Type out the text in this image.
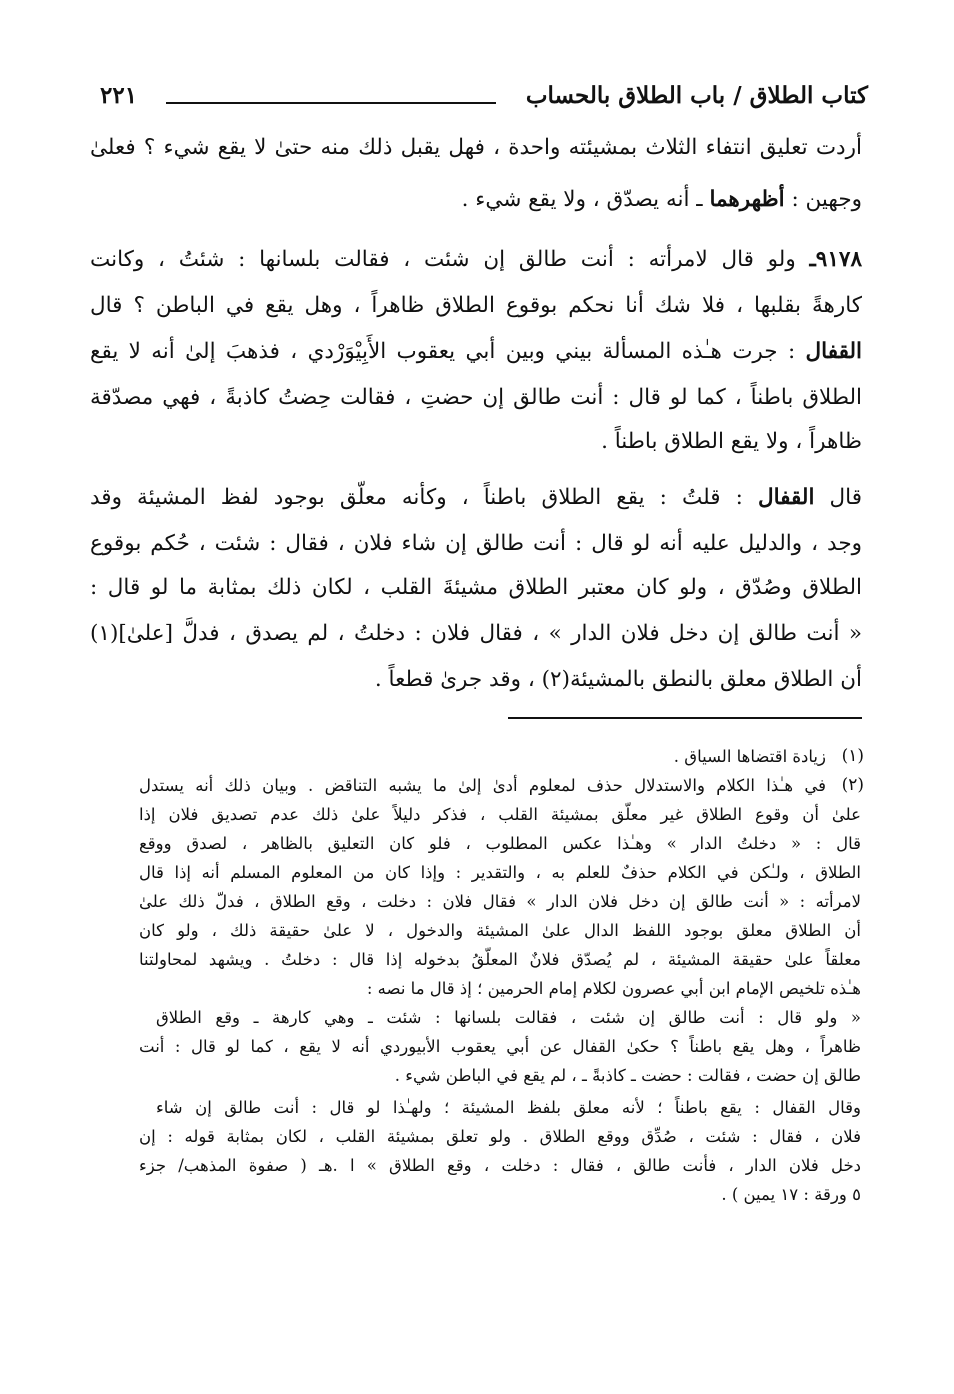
كتاب الطلاق / باب الطلاق بالحساب
٢٢١
أردت تعليق انتفاء الثلاث بمشيئته واحدة ، فهل يقبل ذلك منه حتىٰ لا يقع شيء ؟ فعلىٰ
وجهين : أظهرهما ـ أنه يصدّق ، ولا يقع شيء .
٩١٧٨ـ ولو قال لامرأته : أنت طالق إن شئت ، فقالت بلسانها : شئتُ ، وكانت
كارهةً بقلبها ، فلا شك أنا نحكم بوقوع الطلاق ظاهراً ، وهل يقع في الباطن ؟ قال
القفال : جرت هـٰذه المسألة بيني وبين أبي يعقوب الأَبِيْوَرْدي ، فذهبَ إلىٰ أنه لا يقع
الطلاق باطناً ، كما لو قال : أنت طالق إن حضتِ ، فقالت حِضتُ كاذبةً ، فهي مصدّقة
ظاهراً ، ولا يقع الطلاق باطناً .
قال القفال : قلتُ : يقع الطلاق باطناً ، وكأنه معلّق بوجود لفظ المشيئة وقد
وجد ، والدليل عليه أنه لو قال : أنت طالق إن شاء فلان ، فقال : شئت ، حُكم بوقوع
الطلاق وصُدّق ، ولو كان معتبر الطلاق مشيئةَ القلب ، لكان ذلك بمثابة ما لو قال :
« أنت طالق إن دخل فلان الدار » ، فقال فلان : دخلتُ ، لم يصدق ، فدلَّ [علىٰ](١)
أن الطلاق معلق بالنطق بالمشيئة(٢) ، وقد جرىٰ قطعاً .
(١)
(٢)
زيادة اقتضاها السياق .
في هـٰذا الكلام والاستدلال حذف لمعلوم أدىٰ إلىٰ ما يشبه التناقض . وبيان ذلك أنه يستدل
علىٰ أن وقوع الطلاق غير معلّق بمشيئة القلب ، فذكر دليلاً علىٰ ذلك عدم تصديق فلان إذا
قال : « دخلتُ الدار » وهـٰذا عكس المطلوب ، فلو كان التعليق بالظاهر ، لصدق ووقع
الطلاق ، ولـٰكن في الكلام حذفٌ للعلم به ، والتقدير : وإذا كان من المعلوم المسلم أنه إذا قال
لامرأته : « أنت طالق إن دخل فلان الدار » فقال فلان : دخلت ، وقع الطلاق ، فدلّ ذلك علىٰ
أن الطلاق معلق بوجود اللفظ الدال علىٰ المشيئة والدخول ، لا علىٰ حقيقة ذلك ، ولو كان
معلقاً علىٰ حقيقة المشيئة ، لم يُصدّق فلانٌ المعلّقُ بدخوله إذا قال : دخلتُ . ويشهد لمحاولتنا
هـٰذه تلخيص الإمام ابن أبي عصرون لكلام إمام الحرمين ؛ إذ قال ما نصه :
« ولو قال : أنت طالق إن شئت ، فقالت بلسانها : شئت ـ وهي كارهة ـ وقع الطلاق
ظاهراً ، وهل يقع باطناً ؟ حكىٰ القفال عن أبي يعقوب الأبيوردي أنه لا يقع ، كما لو قال : أنت
طالق إن حضت ، فقالت : حضت ـ كاذبةً ـ ، لم يقع في الباطن شيء .
وقال القفال : يقع باطناً ؛ لأنه معلق بلفظ المشيئة ؛ ولهـٰذا لو قال : أنت طالق إن شاء
فلان ، فقال : شئت ، صُدِّق ووقع الطلاق . ولو تعلق بمشيئة القلب ، لكان بمثابة قوله : إن
دخل فلان الدار ، فأنت طالق ، فقال : دخلت ، وقع الطلاق » ا .هـ ( صفوة المذهب/ جزء
٥ ورقة : ١٧ يمين ) .
